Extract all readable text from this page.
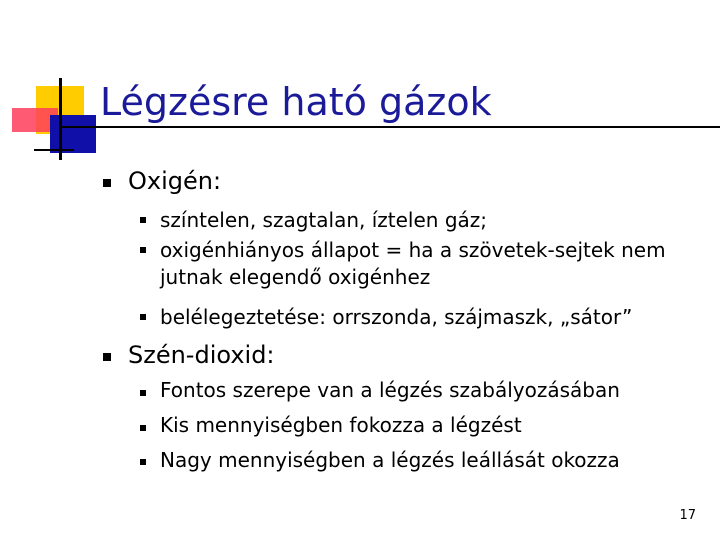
Légzésre ható gázok
Oxigén:
színtelen, szagtalan, íztelen gáz;
oxigénhiányos állapot = ha a szövetek-sejtek nem
jutnak elegendő oxigénhez
belélegeztetése: orrszonda, szájmaszk, „sátor”
Szén-dioxid:
Fontos szerepe van a légzés szabályozásában
Kis mennyiségben fokozza a légzést
Nagy mennyiségben a légzés leállását okozza
17
